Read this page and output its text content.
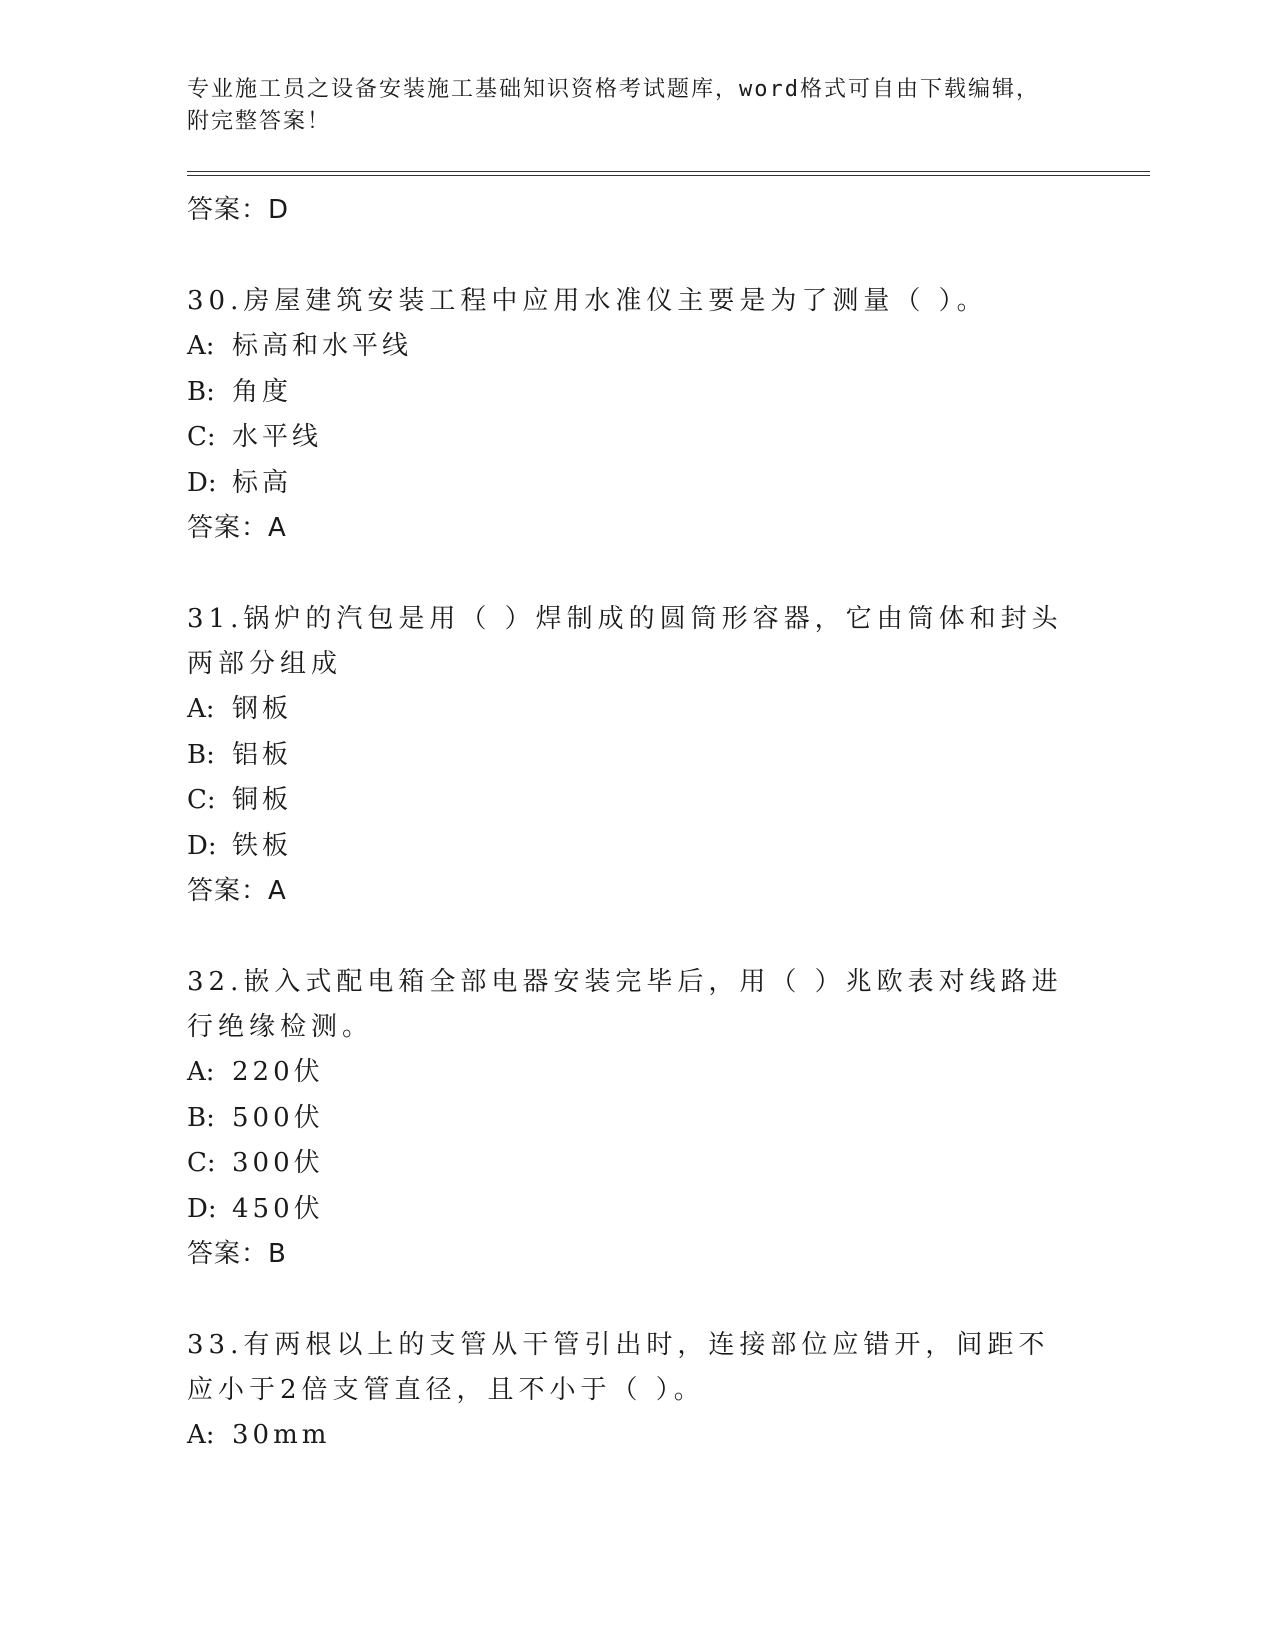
专业施工员之设备安装施工基础知识资格考试题库，word格式可自由下载编辑，
附完整答案！

答案：D

30.房屋建筑安装工程中应用水准仪主要是为了测量（ ）。

A: 标高和水平线

B: 角度

C: 水平线

D: 标高

答案：A

31.锅炉的汽包是用（ ）焊制成的圆筒形容器，它由筒体和封头两部分组成

A: 钢板

B: 铝板

C: 铜板

D: 铁板

答案：A

32.嵌入式配电箱全部电器安装完毕后，用（ ）兆欧表对线路进行绝缘检测。

A: 220伏

B: 500伏

C: 300伏

D: 450伏

答案：B

33.有两根以上的支管从干管引出时，连接部位应错开，间距不应小于2倍支管直径，且不小于（ ）。

A: 30mm
